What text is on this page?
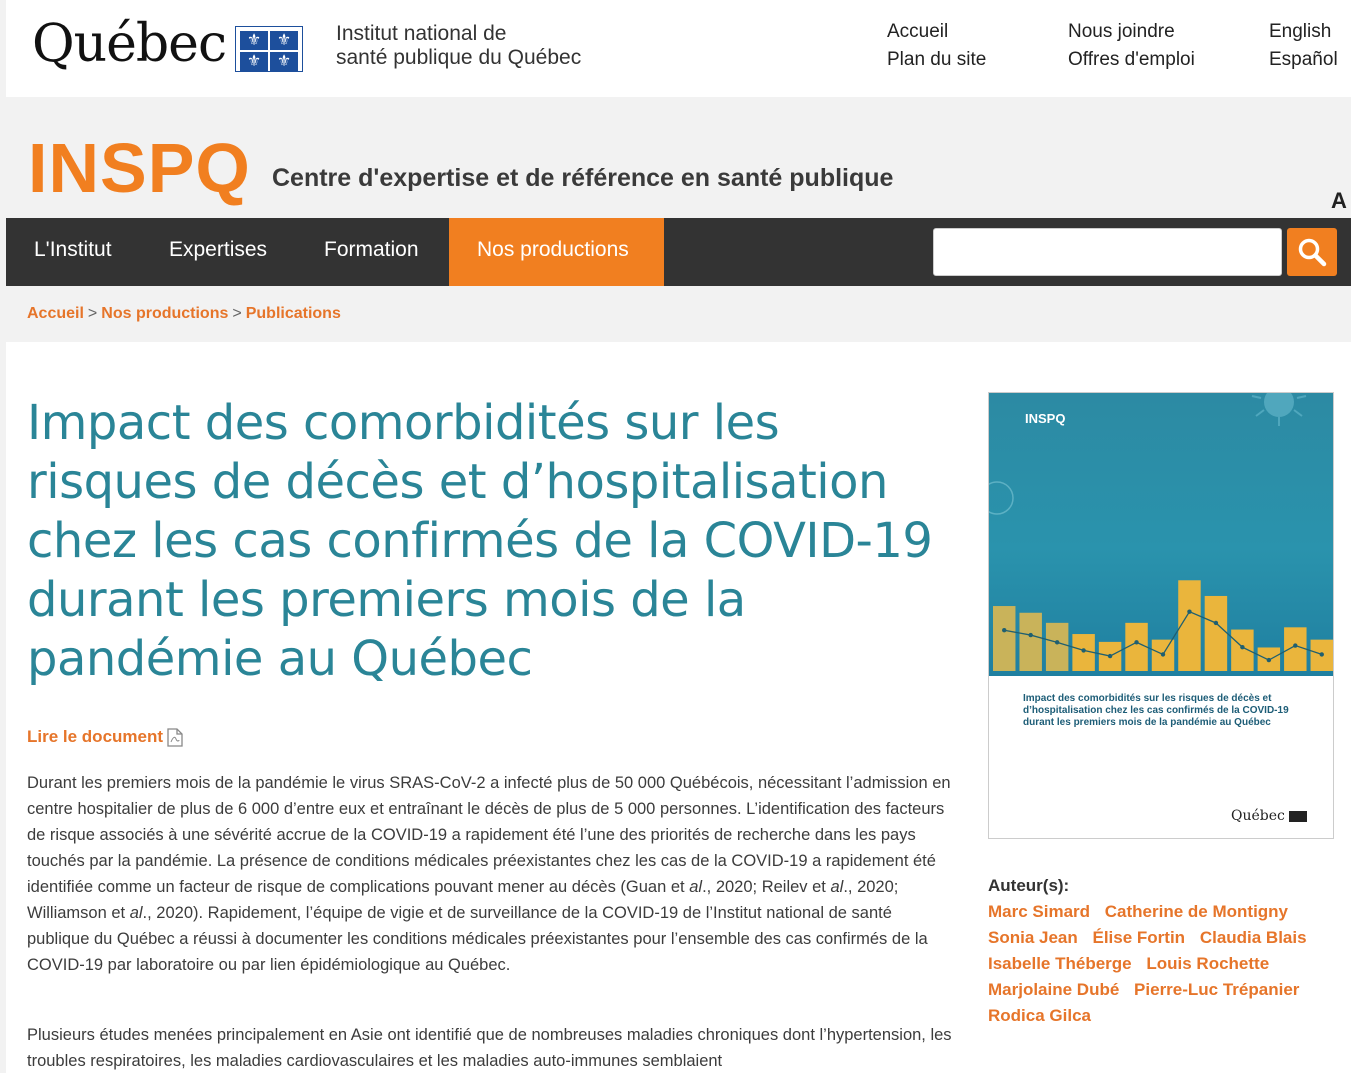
Québec	⚜ ⚜
⚜ ⚜
Institut national de
santé publique du Québec
Accueil
Plan du site
Nous joindre
Offres d'emploi
English
Español
INSPQ Centre d'expertise et de référence en santé publique
A
L'Institut	Expertises	Formation	Nos productions
Accueil > Nos productions > Publications
Impact des comorbidités sur les risques de décès et d’hospitalisation chez les cas confirmés de la COVID-19 durant les premiers mois de la pandémie au Québec
Lire le document

Durant les premiers mois de la pandémie le virus SRAS-CoV-2 a infecté plus de 50 000 Québécois, nécessitant l’admission en centre hospitalier de plus de 6 000 d’entre eux et entraînant le décès de plus de 5 000 personnes. L’identification des facteurs de risque associés à une sévérité accrue de la COVID-19 a rapidement été l’une des priorités de recherche dans les pays touchés par la pandémie. La présence de conditions médicales préexistantes chez les cas de la COVID-19 a rapidement été identifiée comme un facteur de risque de complications pouvant mener au décès (Guan et al., 2020; Reilev et al., 2020; Williamson et al., 2020). Rapidement, l’équipe de vigie et de surveillance de la COVID-19 de l’Institut national de santé publique du Québec a réussi à documenter les conditions médicales préexistantes pour l’ensemble des cas confirmés de la COVID-19 par laboratoire ou par lien épidémiologique au Québec.

Plusieurs études menées principalement en Asie ont identifié que de nombreuses maladies chroniques dont l’hypertension, les troubles respiratoires, les maladies cardiovasculaires et les maladies auto-immunes semblaient

INSPQ
Impact des comorbidités sur les risques de décès et d’hospitalisation chez les cas confirmés de la COVID-19 durant les premiers mois de la pandémie au Québec
Québec
Auteur(s):
Marc Simard Catherine de Montigny Sonia Jean Élise Fortin Claudia Blais Isabelle Théberge Louis Rochette Marjolaine Dubé Pierre-Luc Trépanier Rodica Gilca
